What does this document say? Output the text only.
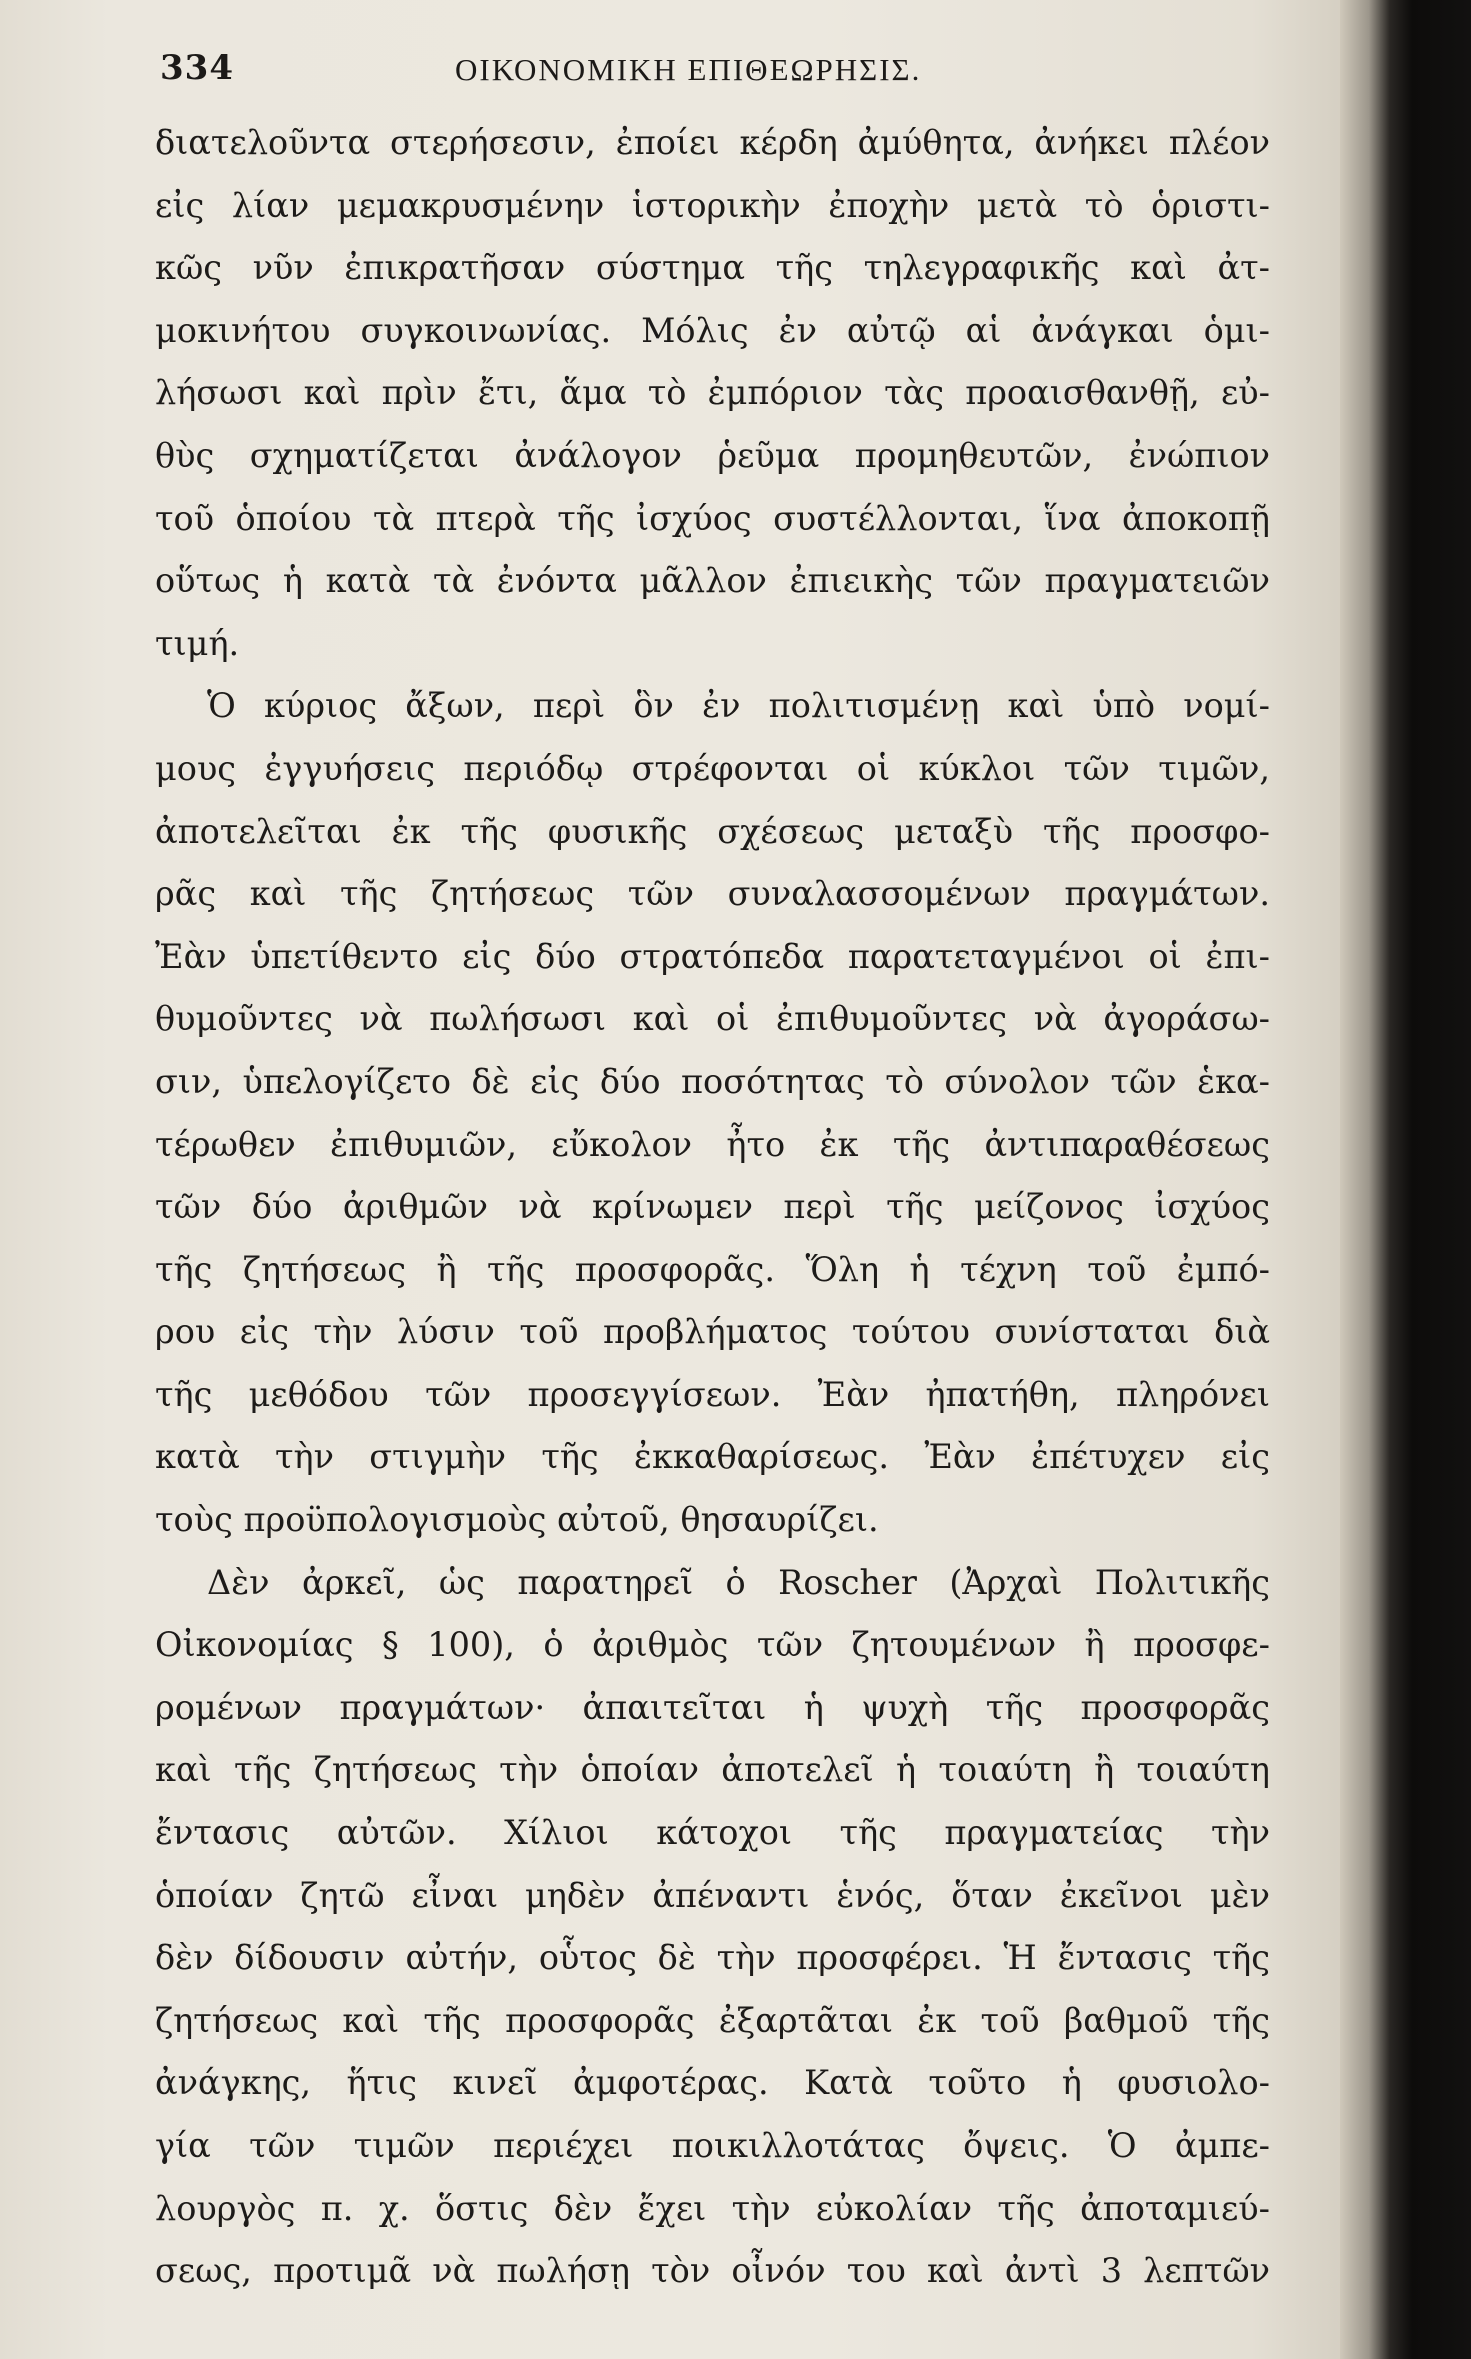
334	ΟΙΚΟΝΟΜΙΚΗ ΕΠΙΘΕΩΡΗΣΙΣ.
διατελοῦντα στερήσεσιν, ἐποίει κέρδη ἀμύθητα, ἀνήκει πλέον
εἰς λίαν μεμακρυσμένην ἱστορικὴν ἐποχὴν μετὰ τὸ ὁριστι-
κῶς νῦν ἐπικρατῆσαν σύστημα τῆς τηλεγραφικῆς καὶ ἀτ-
μοκινήτου συγκοινωνίας. Μόλις ἐν αὐτῷ αἱ ἀνάγκαι ὁμι-
λήσωσι καὶ πρὶν ἔτι, ἅμα τὸ ἐμπόριον τὰς προαισθανθῇ, εὐ-
θὺς σχηματίζεται ἀνάλογον ῥεῦμα προμηθευτῶν, ἐνώπιον
τοῦ ὁποίου τὰ πτερὰ τῆς ἰσχύος συστέλλονται, ἵνα ἀποκοπῇ
οὕτως ἡ κατὰ τὰ ἐνόντα μᾶλλον ἐπιεικὴς τῶν πραγματειῶν
τιμή.
Ὁ κύριος ἄξων, περὶ ὃν ἐν πολιτισμένῃ καὶ ὑπὸ νομί-
μους ἐγγυήσεις περιόδῳ στρέφονται οἱ κύκλοι τῶν τιμῶν,
ἀποτελεῖται ἐκ τῆς φυσικῆς σχέσεως μεταξὺ τῆς προσφο-
ρᾶς καὶ τῆς ζητήσεως τῶν συναλασσομένων πραγμάτων.
Ἐὰν ὑπετίθεντο εἰς δύο στρατόπεδα παρατεταγμένοι οἱ ἐπι-
θυμοῦντες νὰ πωλήσωσι καὶ οἱ ἐπιθυμοῦντες νὰ ἀγοράσω-
σιν, ὑπελογίζετο δὲ εἰς δύο ποσότητας τὸ σύνολον τῶν ἑκα-
τέρωθεν ἐπιθυμιῶν, εὔκολον ἦτο ἐκ τῆς ἀντιπαραθέσεως
τῶν δύο ἀριθμῶν νὰ κρίνωμεν περὶ τῆς μείζονος ἰσχύος
τῆς ζητήσεως ἢ τῆς προσφορᾶς. Ὅλη ἡ τέχνη τοῦ ἐμπό-
ρου εἰς τὴν λύσιν τοῦ προβλήματος τούτου συνίσταται διὰ
τῆς μεθόδου τῶν προσεγγίσεων. Ἐὰν ἠπατήθη, πληρόνει
κατὰ τὴν στιγμὴν τῆς ἐκκαθαρίσεως. Ἐὰν ἐπέτυχεν εἰς
τοὺς προϋπολογισμοὺς αὐτοῦ, θησαυρίζει.
Δὲν ἀρκεῖ, ὡς παρατηρεῖ ὁ Roscher (Ἀρχαὶ Πολιτικῆς
Οἰκονομίας § 100), ὁ ἀριθμὸς τῶν ζητουμένων ἢ προσφε-
ρομένων πραγμάτων· ἀπαιτεῖται ἡ ψυχὴ τῆς προσφορᾶς
καὶ τῆς ζητήσεως τὴν ὁποίαν ἀποτελεῖ ἡ τοιαύτη ἢ τοιαύτη
ἔντασις αὐτῶν. Χίλιοι κάτοχοι τῆς πραγματείας τὴν
ὁποίαν ζητῶ εἶναι μηδὲν ἀπέναντι ἑνός, ὅταν ἐκεῖνοι μὲν
δὲν δίδουσιν αὐτήν, οὗτος δὲ τὴν προσφέρει. Ἡ ἔντασις τῆς
ζητήσεως καὶ τῆς προσφορᾶς ἐξαρτᾶται ἐκ τοῦ βαθμοῦ τῆς
ἀνάγκης, ἥτις κινεῖ ἀμφοτέρας. Κατὰ τοῦτο ἡ φυσιολο-
γία τῶν τιμῶν περιέχει ποικιλλοτάτας ὄψεις. Ὁ ἀμπε-
λουργὸς π. χ. ὅστις δὲν ἔχει τὴν εὐκολίαν τῆς ἀποταμιεύ-
σεως, προτιμᾶ νὰ πωλήσῃ τὸν οἶνόν του καὶ ἀντὶ 3 λεπτῶν
